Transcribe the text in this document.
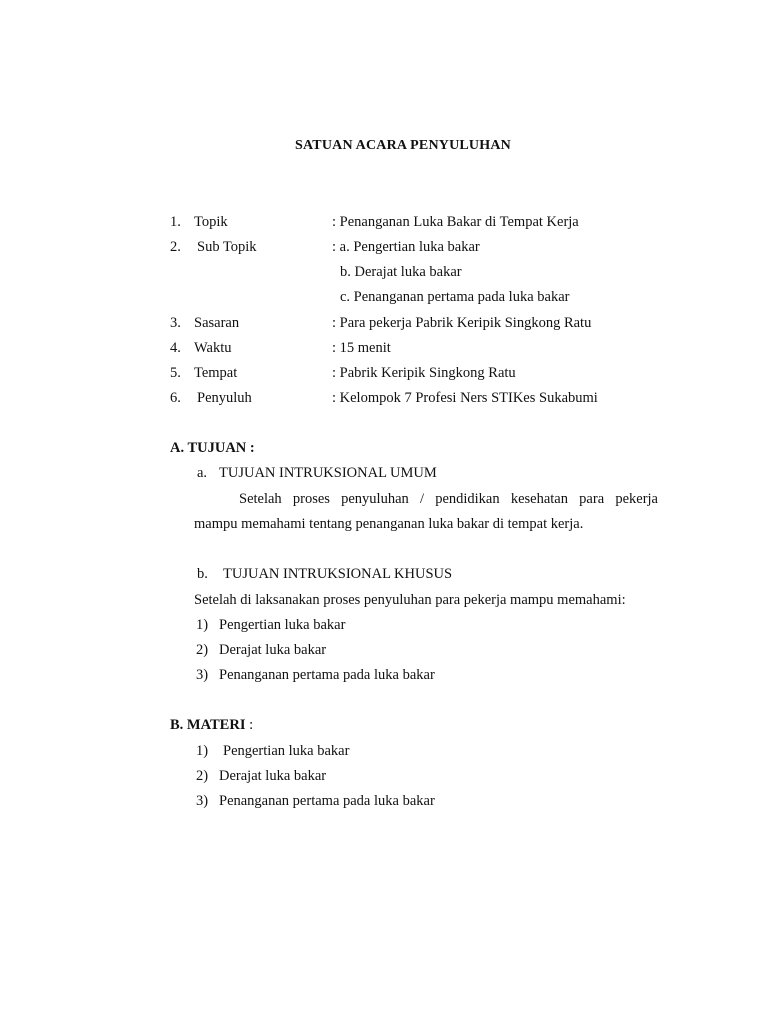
SATUAN ACARA PENYULUHAN
1. Topik	: Penanganan Luka Bakar di Tempat Kerja
2. Sub Topik	: a. Pengertian luka bakar
b. Derajat luka bakar
c. Penanganan pertama pada luka bakar
3. Sasaran	: Para pekerja Pabrik Keripik Singkong Ratu
4. Waktu	: 15 menit
5. Tempat	: Pabrik Keripik Singkong Ratu
6. Penyuluh	: Kelompok 7 Profesi Ners STIKes Sukabumi
A. TUJUAN :
a. TUJUAN INTRUKSIONAL UMUM
Setelah proses penyuluhan / pendidikan kesehatan para pekerja
mampu memahami tentang penanganan luka bakar di tempat kerja.
b. TUJUAN INTRUKSIONAL KHUSUS
Setelah di laksanakan proses penyuluhan para pekerja mampu memahami:
1) Pengertian luka bakar
2) Derajat luka bakar
3) Penanganan pertama pada luka bakar
B. MATERI :
1) Pengertian luka bakar
2) Derajat luka bakar
3) Penanganan pertama pada luka bakar
